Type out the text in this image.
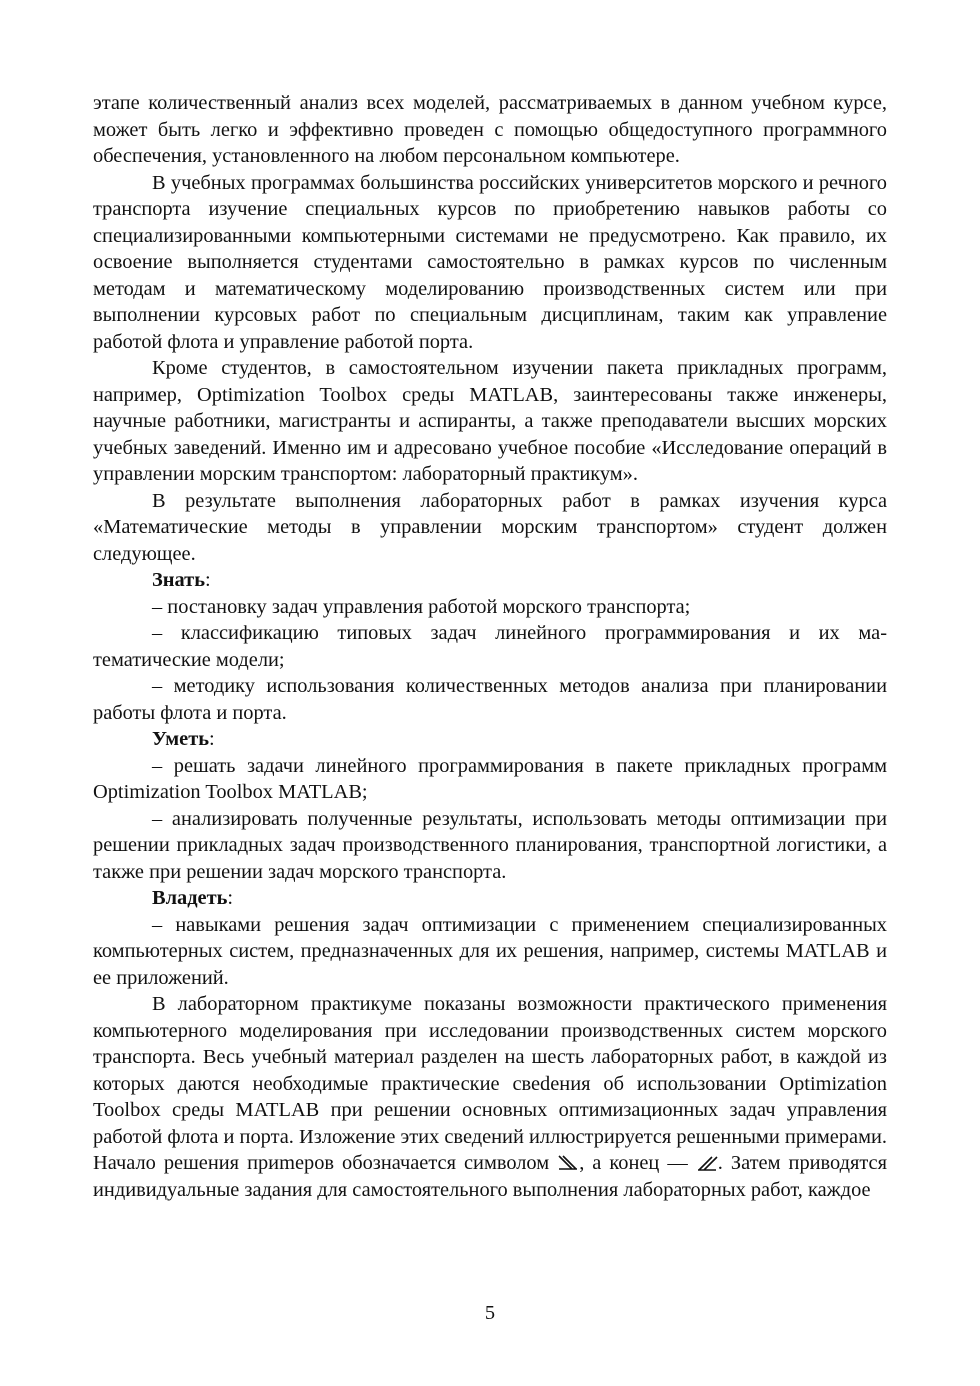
этапе количественный анализ всех моделей, рассматриваемых в данном учебном курсе, может быть легко и эффективно проведен с помощью общедоступного программного обеспечения, установленного на любом персональном компьютере.

В учебных программах большинства российских университетов морского и речного транспорта изучение специальных курсов по приобретению навыков работы со специализированными компьютерными системами не предусмотрено. Как правило, их освоение выполняется студентами самостоятельно в рамках курсов по численным методам и математическому моделированию производственных систем или при выполнении курсовых работ по специальным дисциплинам, таким как управление работой флота и управление работой порта.

Кроме студентов, в самостоятельном изучении пакета прикладных программ, например, Optimization Toolbox среды MATLAB, заинтересованы также инженеры, научные работники, магистранты и аспиранты, а также преподаватели высших морских учебных заведений. Именно им и адресовано учебное пособие «Исследование операций в управлении морским транспортом: лабораторный практикум».

В результате выполнения лабораторных работ в рамках изучения курса «Математические методы в управлении морским транспортом» студент должен следующее.

Знать:

– постановку задач управления работой морского транспорта;

– классификацию типовых задач линейного программирования и их математические модели;

– методику использования количественных методов анализа при планировании работы флота и порта.

Уметь:

– решать задачи линейного программирования в пакете прикладных программ Optimization Toolbox MATLAB;

– анализировать полученные результаты, использовать методы оптимизации при решении прикладных задач производственного планирования, транспортной логистики, а также при решении задач морского транспорта.

Владеть:

– навыками решения задач оптимизации с применением специализированных компьютерных систем, предназначенных для их решения, например, системы MATLAB и ее приложений.

В лабораторном практикуме показаны возможности практического применения компьютерного моделирования при исследовании производственных систем морского транспорта. Весь учебный материал разделен на шесть лабораторных работ, в каждой из которых даются необходимые практические свеdения об использовании Optimization Toolbox среды MATLAB при решении основных оптимизационных задач управления работой флота и порта. Изложение этих сведений иллюстрируется решенными примерами. Начало решения приmеров обозначается символом , а конец — . Затем приводятся индивидуальные задания для самостоятельного выполнения лабораторных работ, каждое

5
